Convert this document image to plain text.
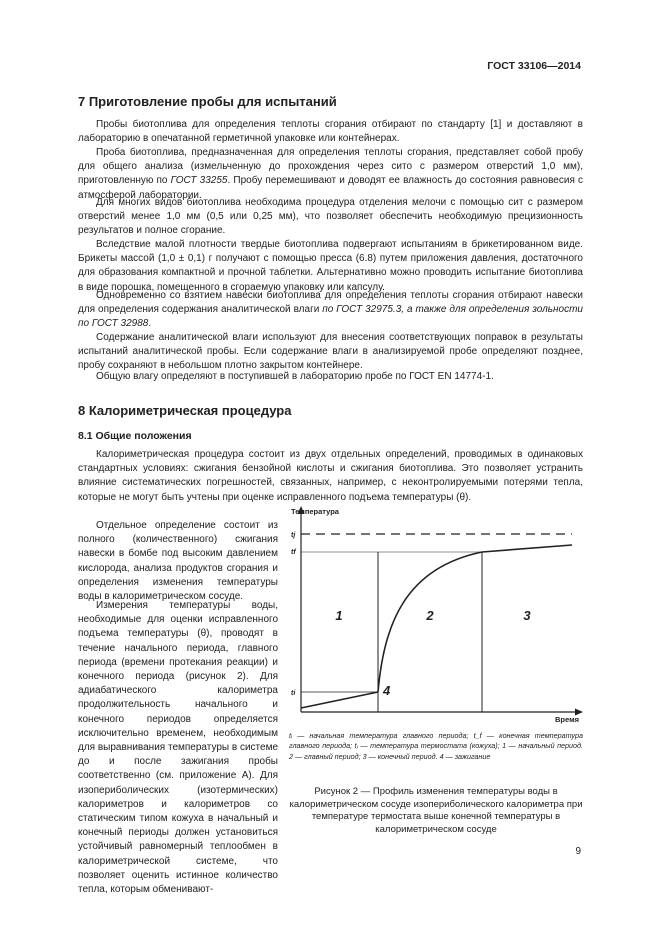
ГОСТ 33106—2014
7 Приготовление пробы для испытаний

Пробы биотоплива для определения теплоты сгорания отбирают по стандарту [1] и доставляют в лабораторию в опечатанной герметичной упаковке или контейнерах.

Проба биотоплива, предназначенная для определения теплоты сгорания, представляет собой пробу для общего анализа (измельченную до прохождения через сито с размером отверстий 1,0 мм), приготовленную по ГОСТ 33255. Пробу перемешивают и доводят ее влажность до состояния равновесия с атмосферой лаборатории.

Для многих видов биотоплива необходима процедура отделения мелочи с помощью сит с размером отверстий менее 1,0 мм (0,5 или 0,25 мм), что позволяет обеспечить необходимую прецизионность результатов и полное сгорание.

Вследствие малой плотности твердые биотоплива подвергают испытаниям в брикетированном виде. Брикеты массой (1,0 ± 0,1) г получают с помощью пресса (6.8) путем приложения давления, достаточного для образования компактной и прочной таблетки. Альтернативно можно проводить испытание биотоплива в виде порошка, помещенного в сгораемую упаковку или капсулу.

Одновременно со взятием навески биотоплива для определения теплоты сгорания отбирают навески для определения содержания аналитической влаги по ГОСТ 32975.3, а также для определения зольности по ГОСТ 32988.

Содержание аналитической влаги используют для внесения соответствующих поправок в результаты испытаний аналитической пробы. Если содержание влаги в анализируемой пробе определяют позднее, пробу сохраняют в небольшом плотно закрытом контейнере.

Общую влагу определяют в поступившей в лабораторию пробе по ГОСТ EN 14774-1.

8 Калориметрическая процедура
8.1 Общие положения

Калориметрическая процедура состоит из двух отдельных определений, проводимых в одинаковых стандартных условиях: сжигания бензойной кислоты и сжигания биотоплива. Это позволяет устранить влияние систематических погрешностей, связанных, например, с неконтролируемыми потерями тепла, которые не могут быть учтены при оценке исправленного подъема температуры (θ).

Отдельное определение состоит из полного (количественного) сжигания навески в бомбе под высоким давлением кислорода, анализа продуктов сгорания и определения изменения температуры воды в калориметрическом сосуде.

Измерения температуры воды, необходимые для оценки исправленного подъема температуры (θ), проводят в течение начального периода, главного периода (времени протекания реакции) и конечного периода (рисунок 2). Для адиабатического калориметра продолжительность начального и конечного периодов определяется исключительно временем, необходимым для выравнивания температуры в системе до и после зажигания пробы соответственно (см. приложение А). Для изопериболических (изотермических) калориметров и калориметров со статическим типом кожуха в начальный и конечный периоды должен установиться устойчивый равномерный теплообмен в калориметрической системе, что позволяет оценить истинное количество тепла, которым обменивают-

Температура
Время
tj
tf
ti
1	2	3
4
tᵢ — начальная температура главного периода; t_f — конечная температура главного периода; tⱼ — температура термостата (кожуха); 1 — начальный период. 2 — главный период; 3 — конечный период. 4 — зажигание
Рисунок 2 — Профиль изменения температуры воды в калориметрическом сосуде изопериболического калориметра при температуре термостата выше конечной температуры в калориметрическом сосуде
9
